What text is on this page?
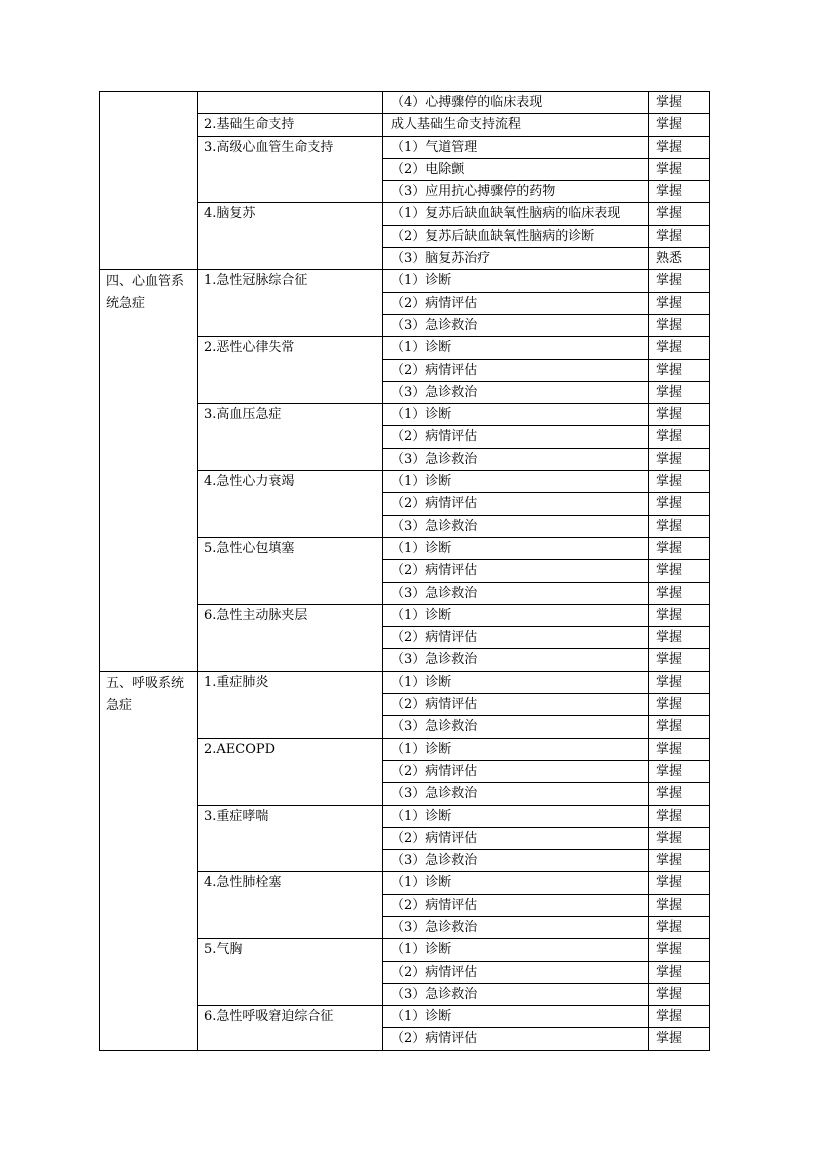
		（4）心搏骤停的临床表现	掌握
	2.基础生命支持	成人基础生命支持流程	掌握
	3.高级心血管生命支持	（1）气道管理	掌握
		（2）电除颤	掌握
		（3）应用抗心搏骤停的药物	掌握
	4.脑复苏	（1）复苏后缺血缺氧性脑病的临床表现	掌握
		（2）复苏后缺血缺氧性脑病的诊断	掌握
		（3）脑复苏治疗	熟悉
四、心血管系统急症	1.急性冠脉综合征	（1）诊断	掌握
		（2）病情评估	掌握
		（3）急诊救治	掌握
	2.恶性心律失常	（1）诊断	掌握
		（2）病情评估	掌握
		（3）急诊救治	掌握
	3.高血压急症	（1）诊断	掌握
		（2）病情评估	掌握
		（3）急诊救治	掌握
	4.急性心力衰竭	（1）诊断	掌握
		（2）病情评估	掌握
		（3）急诊救治	掌握
	5.急性心包填塞	（1）诊断	掌握
		（2）病情评估	掌握
		（3）急诊救治	掌握
	6.急性主动脉夹层	（1）诊断	掌握
		（2）病情评估	掌握
		（3）急诊救治	掌握
五、呼吸系统急症	1.重症肺炎	（1）诊断	掌握
		（2）病情评估	掌握
		（3）急诊救治	掌握
	2.AECOPD	（1）诊断	掌握
		（2）病情评估	掌握
		（3）急诊救治	掌握
	3.重症哮喘	（1）诊断	掌握
		（2）病情评估	掌握
		（3）急诊救治	掌握
	4.急性肺栓塞	（1）诊断	掌握
		（2）病情评估	掌握
		（3）急诊救治	掌握
	5.气胸	（1）诊断	掌握
		（2）病情评估	掌握
		（3）急诊救治	掌握
	6.急性呼吸窘迫综合征	（1）诊断	掌握
		（2）病情评估	掌握
